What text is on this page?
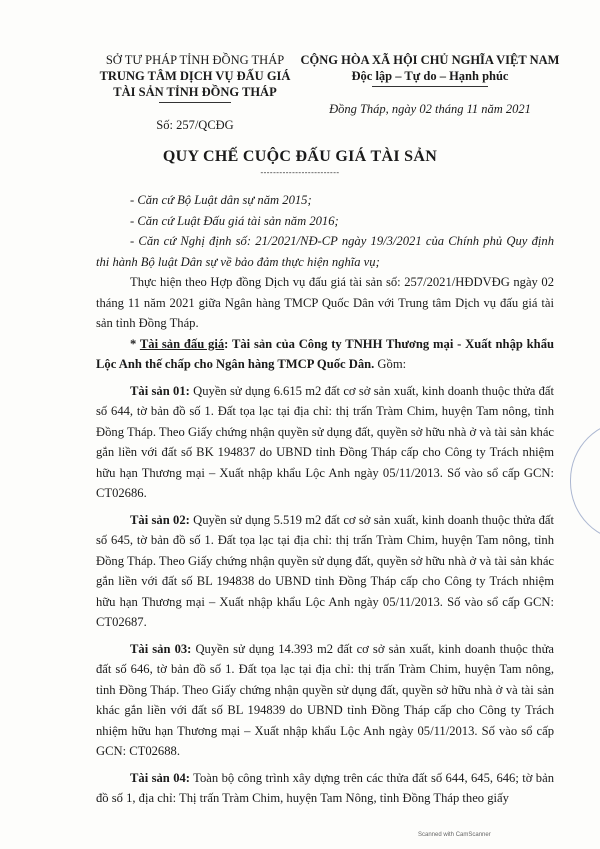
SỞ TƯ PHÁP TỈNH ĐỒNG THÁP
TRUNG TÂM DỊCH VỤ ĐẤU GIÁ
TÀI SẢN TỈNH ĐỒNG THÁP
Số: 257/QCĐG
CỘNG HÒA XÃ HỘI CHỦ NGHĨA VIỆT NAM
Độc lập – Tự do – Hạnh phúc
Đồng Tháp, ngày 02 tháng 11 năm 2021
QUY CHẾ CUỘC ĐẤU GIÁ TÀI SẢN
-------------------------

- Căn cứ Bộ Luật dân sự năm 2015;

- Căn cứ Luật Đấu giá tài sản năm 2016;

- Căn cứ Nghị định số: 21/2021/NĐ-CP ngày 19/3/2021 của Chính phủ Quy định thi hành Bộ luật Dân sự về bảo đảm thực hiện nghĩa vụ;

Thực hiện theo Hợp đồng Dịch vụ đấu giá tài sản số: 257/2021/HĐDVĐG ngày 02 tháng 11 năm 2021 giữa Ngân hàng TMCP Quốc Dân với Trung tâm Dịch vụ đấu giá tài sản tỉnh Đồng Tháp.

* Tài sản đấu giá: Tài sản của Công ty TNHH Thương mại - Xuất nhập khẩu Lộc Anh thế chấp cho Ngân hàng TMCP Quốc Dân. Gồm:

Tài sản 01: Quyền sử dụng 6.615 m2 đất cơ sở sản xuất, kinh doanh thuộc thửa đất số 644, tờ bản đồ số 1. Đất tọa lạc tại địa chỉ: thị trấn Tràm Chim, huyện Tam nông, tỉnh Đồng Tháp. Theo Giấy chứng nhận quyền sử dụng đất, quyền sở hữu nhà ở và tài sản khác gắn liền với đất số BK 194837 do UBND tỉnh Đồng Tháp cấp cho Công ty Trách nhiệm hữu hạn Thương mại – Xuất nhập khẩu Lộc Anh ngày 05/11/2013. Số vào sổ cấp GCN: CT02686.

Tài sản 02: Quyền sử dụng 5.519 m2 đất cơ sở sản xuất, kinh doanh thuộc thửa đất số 645, tờ bản đồ số 1. Đất tọa lạc tại địa chỉ: thị trấn Tràm Chim, huyện Tam nông, tỉnh Đồng Tháp. Theo Giấy chứng nhận quyền sử dụng đất, quyền sở hữu nhà ở và tài sản khác gắn liền với đất số BL 194838 do UBND tỉnh Đồng Tháp cấp cho Công ty Trách nhiệm hữu hạn Thương mại – Xuất nhập khẩu Lộc Anh ngày 05/11/2013. Số vào sổ cấp GCN: CT02687.

Tài sản 03: Quyền sử dụng 14.393 m2 đất cơ sở sản xuất, kinh doanh thuộc thửa đất số 646, tờ bản đồ số 1. Đất tọa lạc tại địa chỉ: thị trấn Tràm Chim, huyện Tam nông, tỉnh Đồng Tháp. Theo Giấy chứng nhận quyền sử dụng đất, quyền sở hữu nhà ở và tài sản khác gắn liền với đất số BL 194839 do UBND tỉnh Đồng Tháp cấp cho Công ty Trách nhiệm hữu hạn Thương mại – Xuất nhập khẩu Lộc Anh ngày 05/11/2013. Số vào sổ cấp GCN: CT02688.

Tài sản 04: Toàn bộ công trình xây dựng trên các thửa đất số 644, 645, 646; tờ bản đồ số 1, địa chỉ: Thị trấn Tràm Chim, huyện Tam Nông, tỉnh Đồng Tháp theo giấy

Scanned with CamScanner
